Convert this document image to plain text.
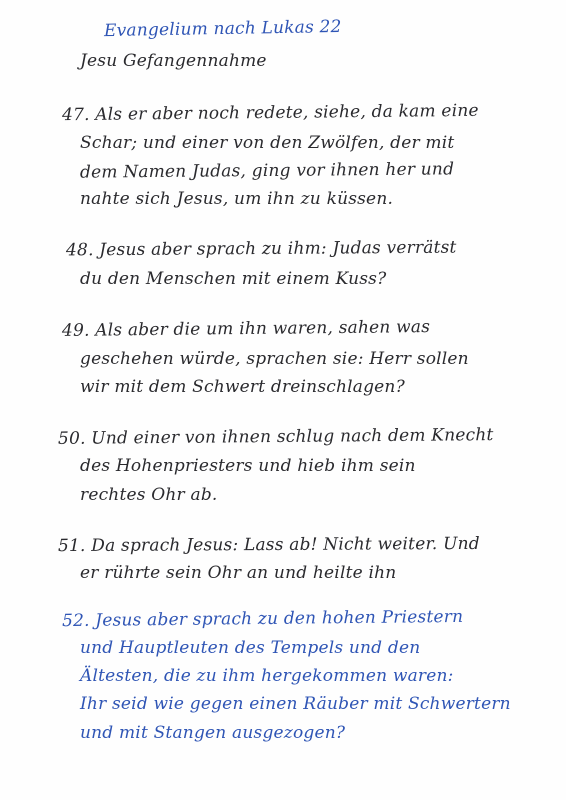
Evangelium nach Lukas 22
Jesu Gefangennahme
47. Als er aber noch redete, siehe, da kam eine
Schar; und einer von den Zwölfen, der mit
dem Namen Judas, ging vor ihnen her und
nahte sich Jesus, um ihn zu küssen.
48. Jesus aber sprach zu ihm: Judas verrätst
du den Menschen mit einem Kuss?
49. Als aber die um ihn waren, sahen was
geschehen würde, sprachen sie: Herr sollen
wir mit dem Schwert dreinschlagen?
50. Und einer von ihnen schlug nach dem Knecht
des Hohenpriesters und hieb ihm sein
rechtes Ohr ab.
51. Da sprach Jesus: Lass ab! Nicht weiter. Und
er rührte sein Ohr an und heilte ihn
52. Jesus aber sprach zu den hohen Priestern
und Hauptleuten des Tempels und den
Ältesten, die zu ihm hergekommen waren:
Ihr seid wie gegen einen Räuber mit Schwertern
und mit Stangen ausgezogen?
